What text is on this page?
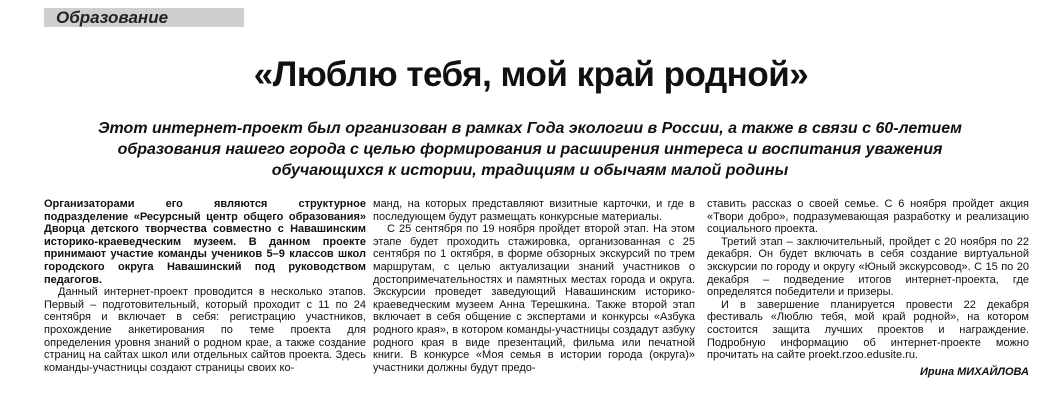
Образование
«Люблю тебя, мой край родной»

Этот интернет-проект был организован в рамках Года экологии в России, а также в связи с 60-летием образования нашего города с целью формирования и расширения интереса и воспитания уважения обучающихся к истории, традициям и обычаям малой родины

Организаторами его являются структурное подразделение «Ресурсный центр общего образования» Дворца детского творчества совместно с Навашинским историко-краеведческим музеем. В данном проекте принимают участие команды учеников 5–9 классов школ городского округа Навашинский под руководством педагогов.

Данный интернет-проект проводится в несколько этапов. Первый – подготовительный, который проходит с 11 по 24 сентября и включает в себя: регистрацию участников, прохождение анкетирования по теме проекта для определения уровня знаний о родном крае, а также создание страниц на сайтах школ или отдельных сайтов проекта. Здесь команды-участницы создают страницы своих ко-

манд, на которых представляют визитные карточки, и где в последующем будут размещать конкурсные материалы.

С 25 сентября по 19 ноября пройдет второй этап. На этом этапе будет проходить стажировка, организованная с 25 сентября по 1 октября, в форме обзорных экскурсий по трем маршрутам, с целью актуализации знаний участников о достопримечательностях и памятных местах города и округа. Экскурсии проведет заведующий Навашинским историко-краеведческим музеем Анна Терешкина. Также второй этап включает в себя общение с экспертами и конкурсы «Азбука родного края», в котором команды-участницы создадут азбуку родного края в виде презентаций, фильма или печатной книги. В конкурсе «Моя семья в истории города (округа)» участники должны будут предо-

ставить рассказ о своей семье. С 6 ноября пройдет акция «Твори добро», подразумевающая разработку и реализацию социального проекта.

Третий этап – заключительный, пройдет с 20 ноября по 22 декабря. Он будет включать в себя создание виртуальной экскурсии по городу и округу «Юный экскурсовод». С 15 по 20 декабря – подведение итогов интернет-проекта, где определятся победители и призеры.

И в завершение планируется провести 22 декабря фестиваль «Люблю тебя, мой край родной», на котором состоится защита лучших проектов и награждение. Подробную информацию об интернет-проекте можно прочитать на сайте proekt.rzoo.edusite.ru.

Ирина МИХАЙЛОВА
